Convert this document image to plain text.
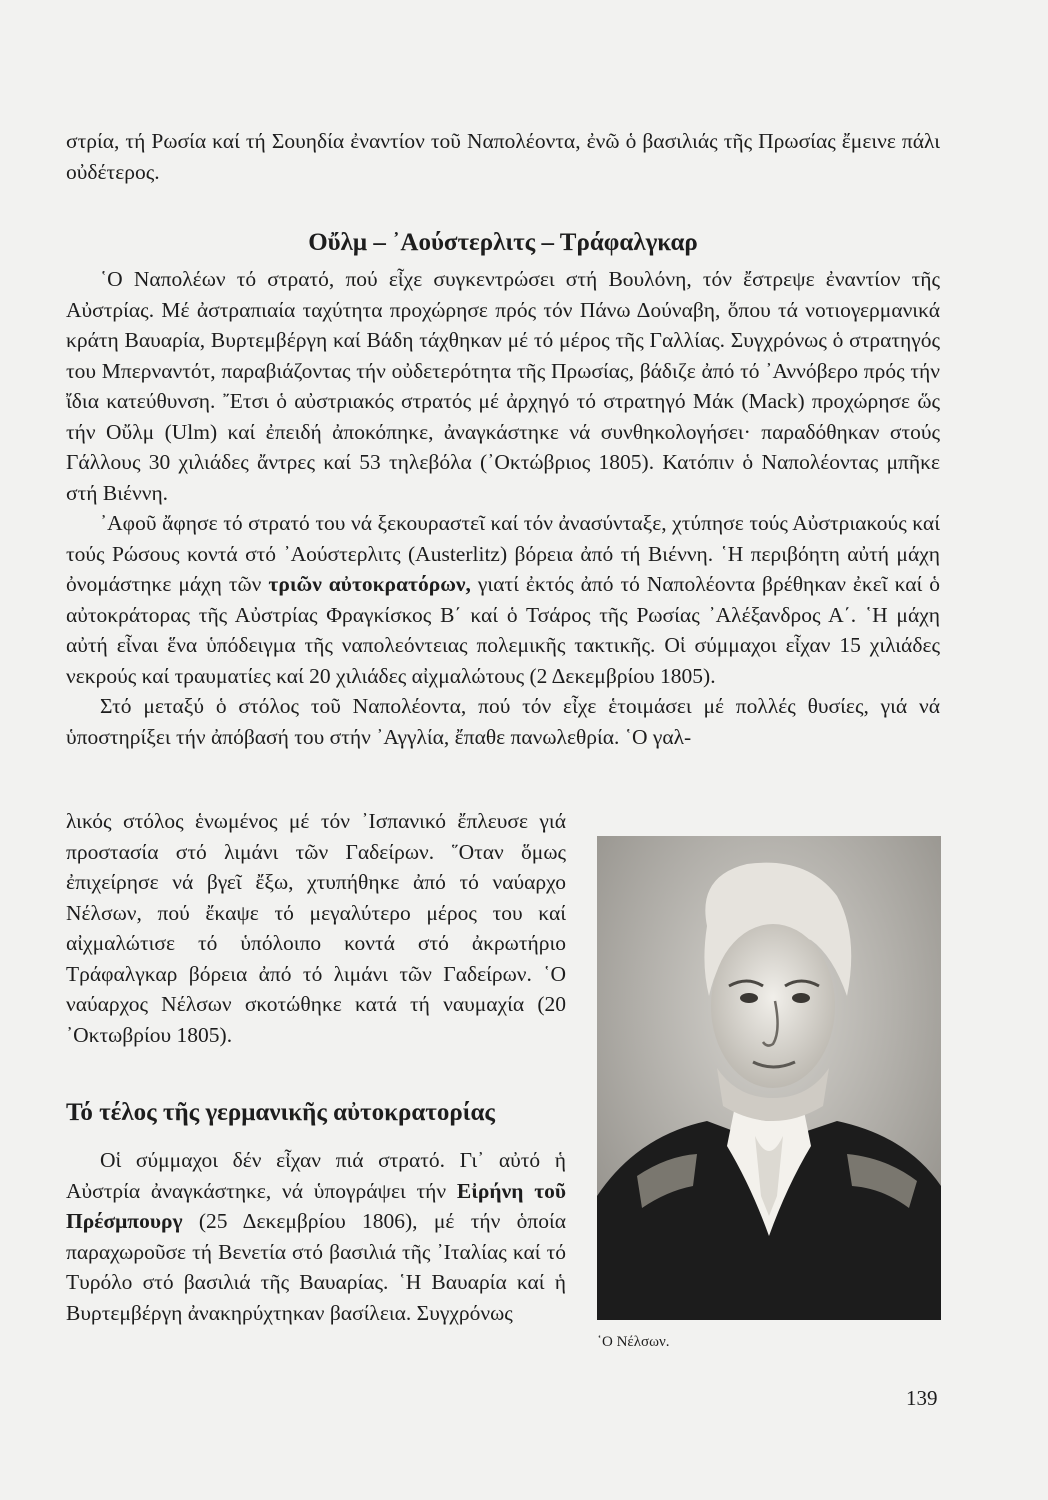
στρία, τή Ρωσία καί τή Σουηδία ἐναντίον τοῦ Ναπολέοντα, ἐνῶ ὁ βασιλιάς τῆς Πρωσίας ἔμεινε πάλι οὐδέτερος.

Οὔλμ – ᾿Αούστερλιτς – Τράφαλγκαρ

῾Ο Ναπολέων τό στρατό, πού εἶχε συγκεντρώσει στή Βουλόνη, τόν ἔστρεψε ἐναντίον τῆς Αὐστρίας. Μέ ἀστραπιαία ταχύτητα προχώρησε πρός τόν Πάνω Δούναβη, ὅπου τά νοτιογερμανικά κράτη Βαυαρία, Βυρτεμβέργη καί Βάδη τάχθηκαν μέ τό μέρος τῆς Γαλλίας. Συγχρόνως ὁ στρατηγός του Μπερναντότ, παραβιάζοντας τήν οὐδετερότητα τῆς Πρωσίας, βάδιζε ἀπό τό ᾿Αννόβερο πρός τήν ἴδια κατεύθυνση. ῎Ετσι ὁ αὐστριακός στρατός μέ ἀρχηγό τό στρατηγό Μάκ (Mack) προχώρησε ὥς τήν Οὔλμ (Ulm) καί ἐπειδή ἀποκόπηκε, ἀναγκάστηκε νά συνθηκολογήσει· παραδόθηκαν στούς Γάλλους 30 χιλιάδες ἄντρες καί 53 τηλεβόλα (᾿Οκτώβριος 1805). Κατόπιν ὁ Ναπολέοντας μπῆκε στή Βιέννη.

᾿Αφοῦ ἄφησε τό στρατό του νά ξεκουραστεῖ καί τόν ἀνασύνταξε, χτύπησε τούς Αὐστριακούς καί τούς Ρώσους κοντά στό ᾿Αούστερλιτς (Austerlitz) βόρεια ἀπό τή Βιέννη. ῾Η περιβόητη αὐτή μάχη ὀνομάστηκε μάχη τῶν τριῶν αὐτοκρατόρων, γιατί ἐκτός ἀπό τό Ναπολέοντα βρέθηκαν ἐκεῖ καί ὁ αὐτοκράτορας τῆς Αὐστρίας Φραγκίσκος Β΄ καί ὁ Τσάρος τῆς Ρωσίας ᾿Αλέξανδρος Α΄. ῾Η μάχη αὐτή εἶναι ἕνα ὑπόδειγμα τῆς ναπολεόντειας πολεμικῆς τακτικῆς. Οἱ σύμμαχοι εἶχαν 15 χιλιάδες νεκρούς καί τραυματίες καί 20 χιλιάδες αἰχμαλώτους (2 Δεκεμβρίου 1805).

Στό μεταξύ ὁ στόλος τοῦ Ναπολέοντα, πού τόν εἶχε ἑτοιμάσει μέ πολλές θυσίες, γιά νά ὑποστηρίξει τήν ἀπόβασή του στήν ᾿Αγγλία, ἔπαθε πανωλεθρία. ῾Ο γαλ-

λικός στόλος ἑνωμένος μέ τόν ᾿Ισπανικό ἔπλευσε γιά προστασία στό λιμάνι τῶν Γαδείρων. ῞Οταν ὅμως ἐπιχείρησε νά βγεῖ ἔξω, χτυπήθηκε ἀπό τό ναύαρχο Νέλσων, πού ἔκαψε τό μεγαλύτερο μέρος του καί αἰχμαλώτισε τό ὑπόλοιπο κοντά στό ἀκρωτήριο Τράφαλγκαρ βόρεια ἀπό τό λιμάνι τῶν Γαδείρων. ῾Ο ναύαρχος Νέλσων σκοτώθηκε κατά τή ναυμαχία (20 ᾿Οκτωβρίου 1805).

Τό τέλος τῆς γερμανικῆς αὐτοκρατορίας

Οἱ σύμμαχοι δέν εἶχαν πιά στρατό. Γι᾿ αὐτό ἡ Αὐστρία ἀναγκάστηκε, νά ὑπογράψει τήν Εἰρήνη τοῦ Πρέσμπουργ (25 Δεκεμβρίου 1806), μέ τήν ὁποία παραχωροῦσε τή Βενετία στό βασιλιά τῆς ᾿Ιταλίας καί τό Τυρόλο στό βασιλιά τῆς Βαυαρίας. ῾Η Βαυαρία καί ἡ Βυρτεμβέργη ἀνακηρύχτηκαν βασίλεια. Συγχρόνως

῾Ο Νέλσων.
139
